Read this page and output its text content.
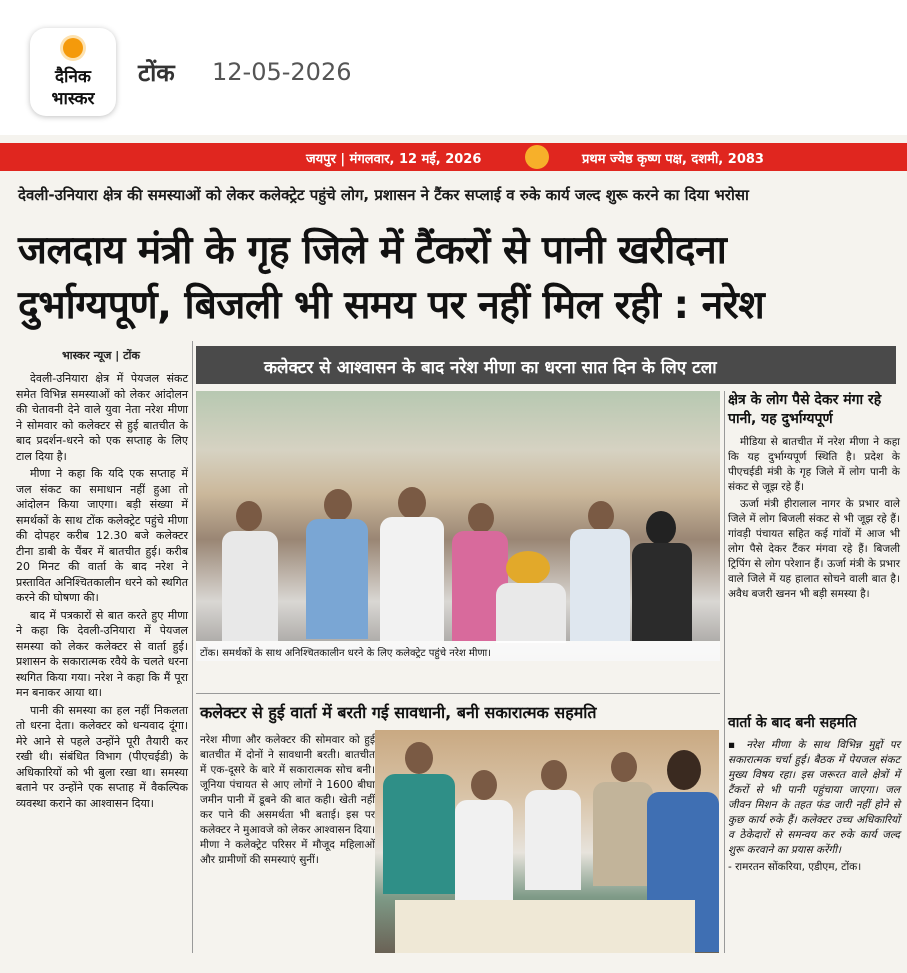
दैनिक
भास्कर
टोंक 12-05-2026
जयपुर | मंगलवार, 12 मई, 2026	प्रथम ज्येष्ठ कृष्ण पक्ष, दशमी, 2083
देवली-उनियारा क्षेत्र की समस्याओं को लेकर कलेक्ट्रेट पहुंचे लोग, प्रशासन ने टैंकर सप्लाई व रुके कार्य जल्द शुरू करने का दिया भरोसा
जलदाय मंत्री के गृह जिले में टैंकरों से पानी खरीदना
दुर्भाग्यपूर्ण, बिजली भी समय पर नहीं मिल रही : नरेश
भास्कर न्यूज | टोंक

देवली-उनियारा क्षेत्र में पेयजल संकट समेत विभिन्न समस्याओं को लेकर आंदोलन की चेतावनी देने वाले युवा नेता नरेश मीणा ने सोमवार को कलेक्टर से हुई बातचीत के बाद प्रदर्शन-धरने को एक सप्ताह के लिए टाल दिया है।

मीणा ने कहा कि यदि एक सप्ताह में जल संकट का समाधान नहीं हुआ तो आंदोलन किया जाएगा। बड़ी संख्या में समर्थकों के साथ टोंक कलेक्ट्रेट पहुंचे मीणा की दोपहर करीब 12.30 बजे कलेक्टर टीना डाबी के चैंबर में बातचीत हुई। करीब 20 मिनट की वार्ता के बाद नरेश ने प्रस्तावित अनिश्चितकालीन धरने को स्थगित करने की घोषणा की।

बाद में पत्रकारों से बात करते हुए मीणा ने कहा कि देवली-उनियारा में पेयजल समस्या को लेकर कलेक्टर से वार्ता हुई। प्रशासन के सकारात्मक रवैये के चलते धरना स्थगित किया गया। नरेश ने कहा कि मैं पूरा मन बनाकर आया था।

पानी की समस्या का हल नहीं निकलता तो धरना देता। कलेक्टर को धन्यवाद दूंगा। मेरे आने से पहले उन्होंने पूरी तैयारी कर रखी थी। संबंधित विभाग (पीएचईडी) के अधिकारियों को भी बुला रखा था। समस्या बताने पर उन्होंने एक सप्ताह में वैकल्पिक व्यवस्था कराने का आश्वासन दिया।

कलेक्टर से आश्वासन के बाद नरेश मीणा का धरना सात दिन के लिए टला
टोंक। समर्थकों के साथ अनिश्चितकालीन धरने के लिए कलेक्ट्रेट पहुंचे नरेश मीणा।
क्षेत्र के लोग पैसे देकर मंगा रहे पानी, यह दुर्भाग्यपूर्ण

मीडिया से बातचीत में नरेश मीणा ने कहा कि यह दुर्भाग्यपूर्ण स्थिति है। प्रदेश के पीएचईडी मंत्री के गृह जिले में लोग पानी के संकट से जूझ रहे हैं।

ऊर्जा मंत्री हीरालाल नागर के प्रभार वाले जिले में लोग बिजली संकट से भी जूझ रहे हैं। गांवड़ी पंचायत सहित कई गांवों में आज भी लोग पैसे देकर टैंकर मंगवा रहे हैं। बिजली ट्रिपिंग से लोग परेशान हैं। ऊर्जा मंत्री के प्रभार वाले जिले में यह हालात सोचने वाली बात है। अवैध बजरी खनन भी बड़ी समस्या है।

कलेक्टर से हुई वार्ता में बरती गई सावधानी, बनी सकारात्मक सहमति
नरेश मीणा और कलेक्टर की सोमवार को हुई बातचीत में दोनों ने सावधानी बरती। बातचीत में एक-दूसरे के बारे में सकारात्मक सोच बनी। जूनिया पंचायत से आए लोगों ने 1600 बीघा जमीन पानी में डूबने की बात कही। खेती नहीं कर पाने की असमर्थता भी बताई। इस पर कलेक्टर ने मुआवजे को लेकर आश्वासन दिया। मीणा ने कलेक्ट्रेट परिसर में मौजूद महिलाओं और ग्रामीणों की समस्याएं सुनीं।
वार्ता के बाद बनी सहमति
▪ नरेश मीणा के साथ विभिन्न मुद्दों पर सकारात्मक चर्चा हुई। बैठक में पेयजल संकट मुख्य विषय रहा। इस जरूरत वाले क्षेत्रों में टैंकरों से भी पानी पहुंचाया जाएगा। जल जीवन मिशन के तहत फंड जारी नहीं होने से कुछ कार्य रुके हैं। कलेक्टर उच्च अधिकारियों व ठेकेदारों से समन्वय कर रुके कार्य जल्द शुरू करवाने का प्रयास करेंगी।
- रामरतन सोंकरिया, एडीएम, टोंक।
